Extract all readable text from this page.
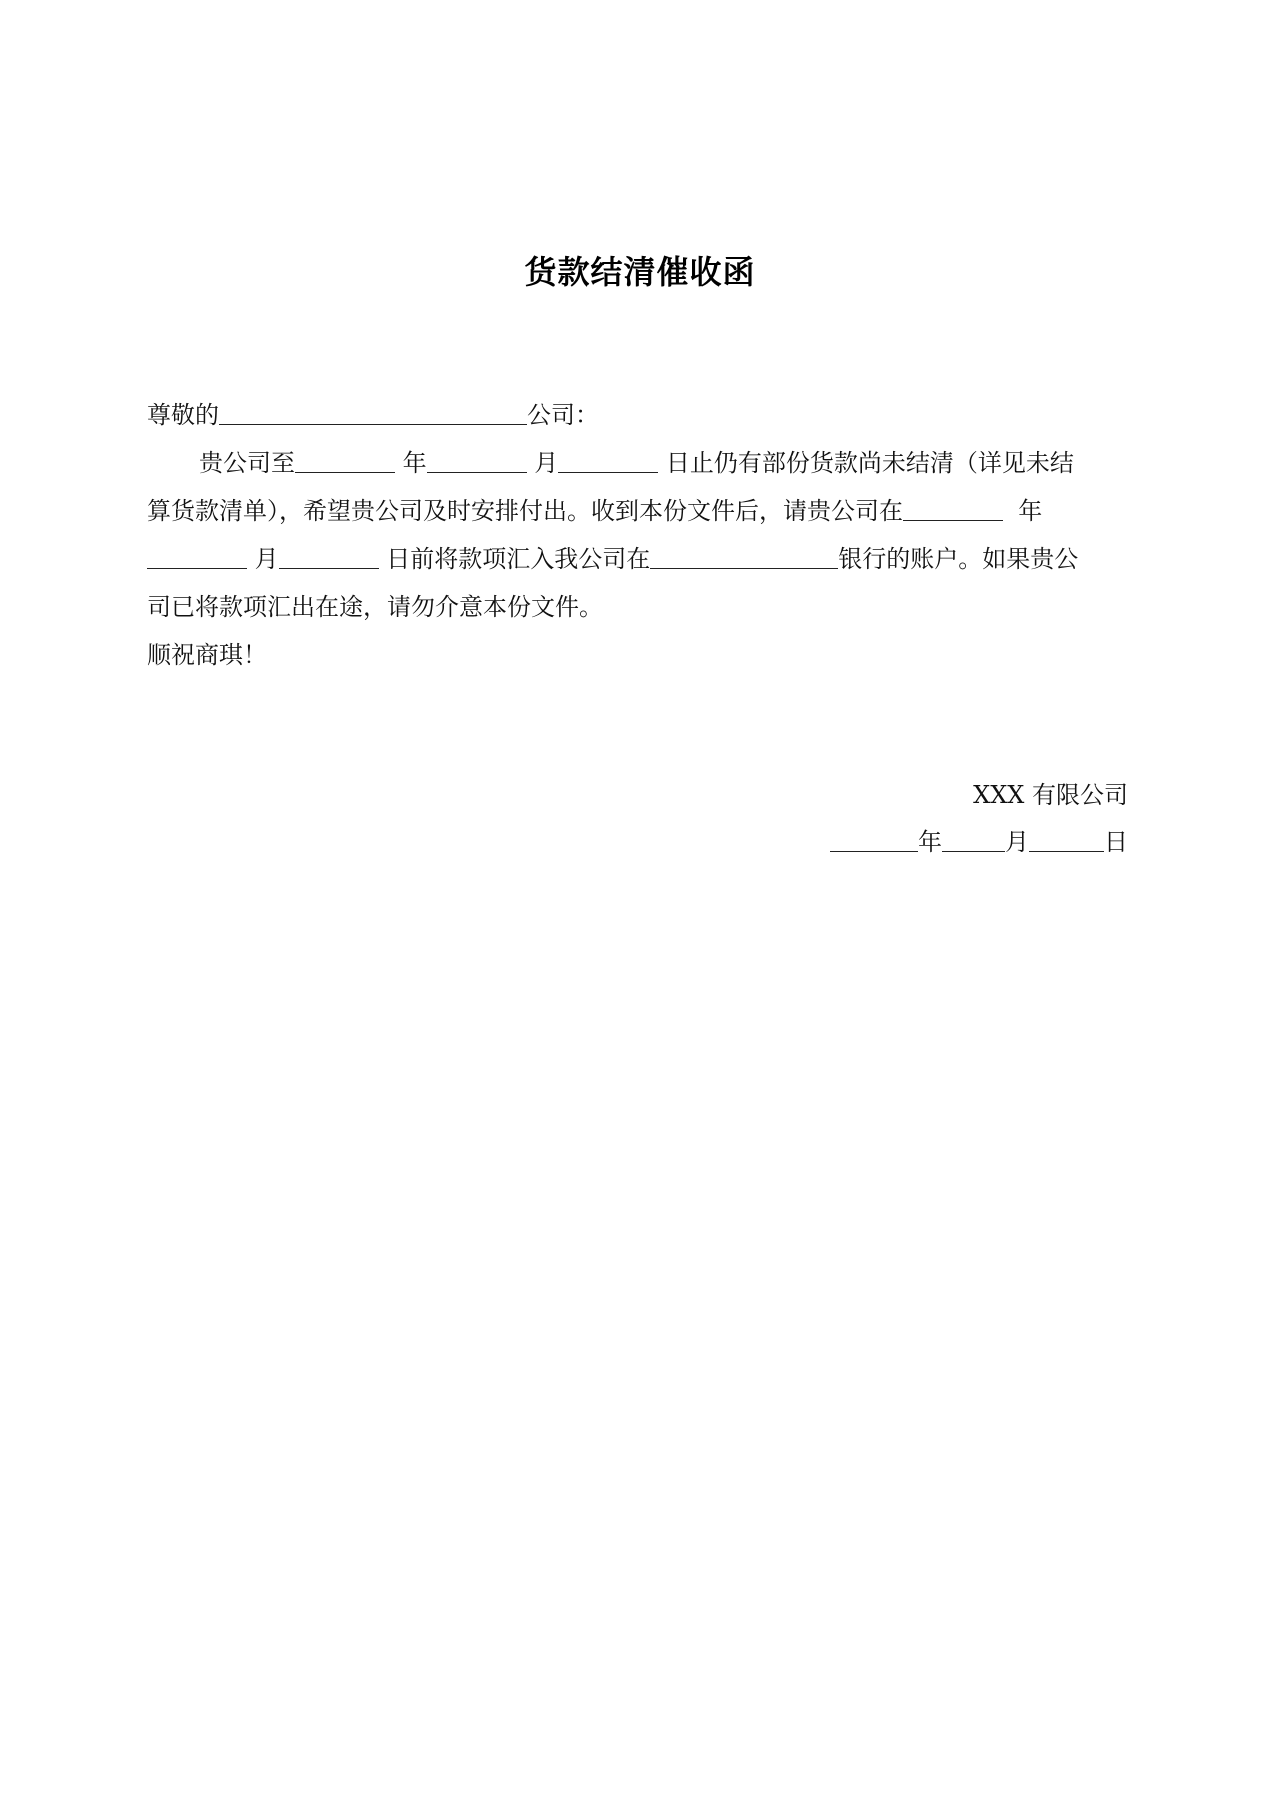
货款结清催收函
尊敬的	公司：
贵公司至	年	月	日止仍有部份货款尚未结清（详见未结
算货款清单），希望贵公司及时安排付出。收到本份文件后，请贵公司在	年
月	日前将款项汇入我公司在	银行的账户。如果贵公
司已将款项汇出在途，请勿介意本份文件。
顺祝商琪！
XXX 有限公司
年	月	日
